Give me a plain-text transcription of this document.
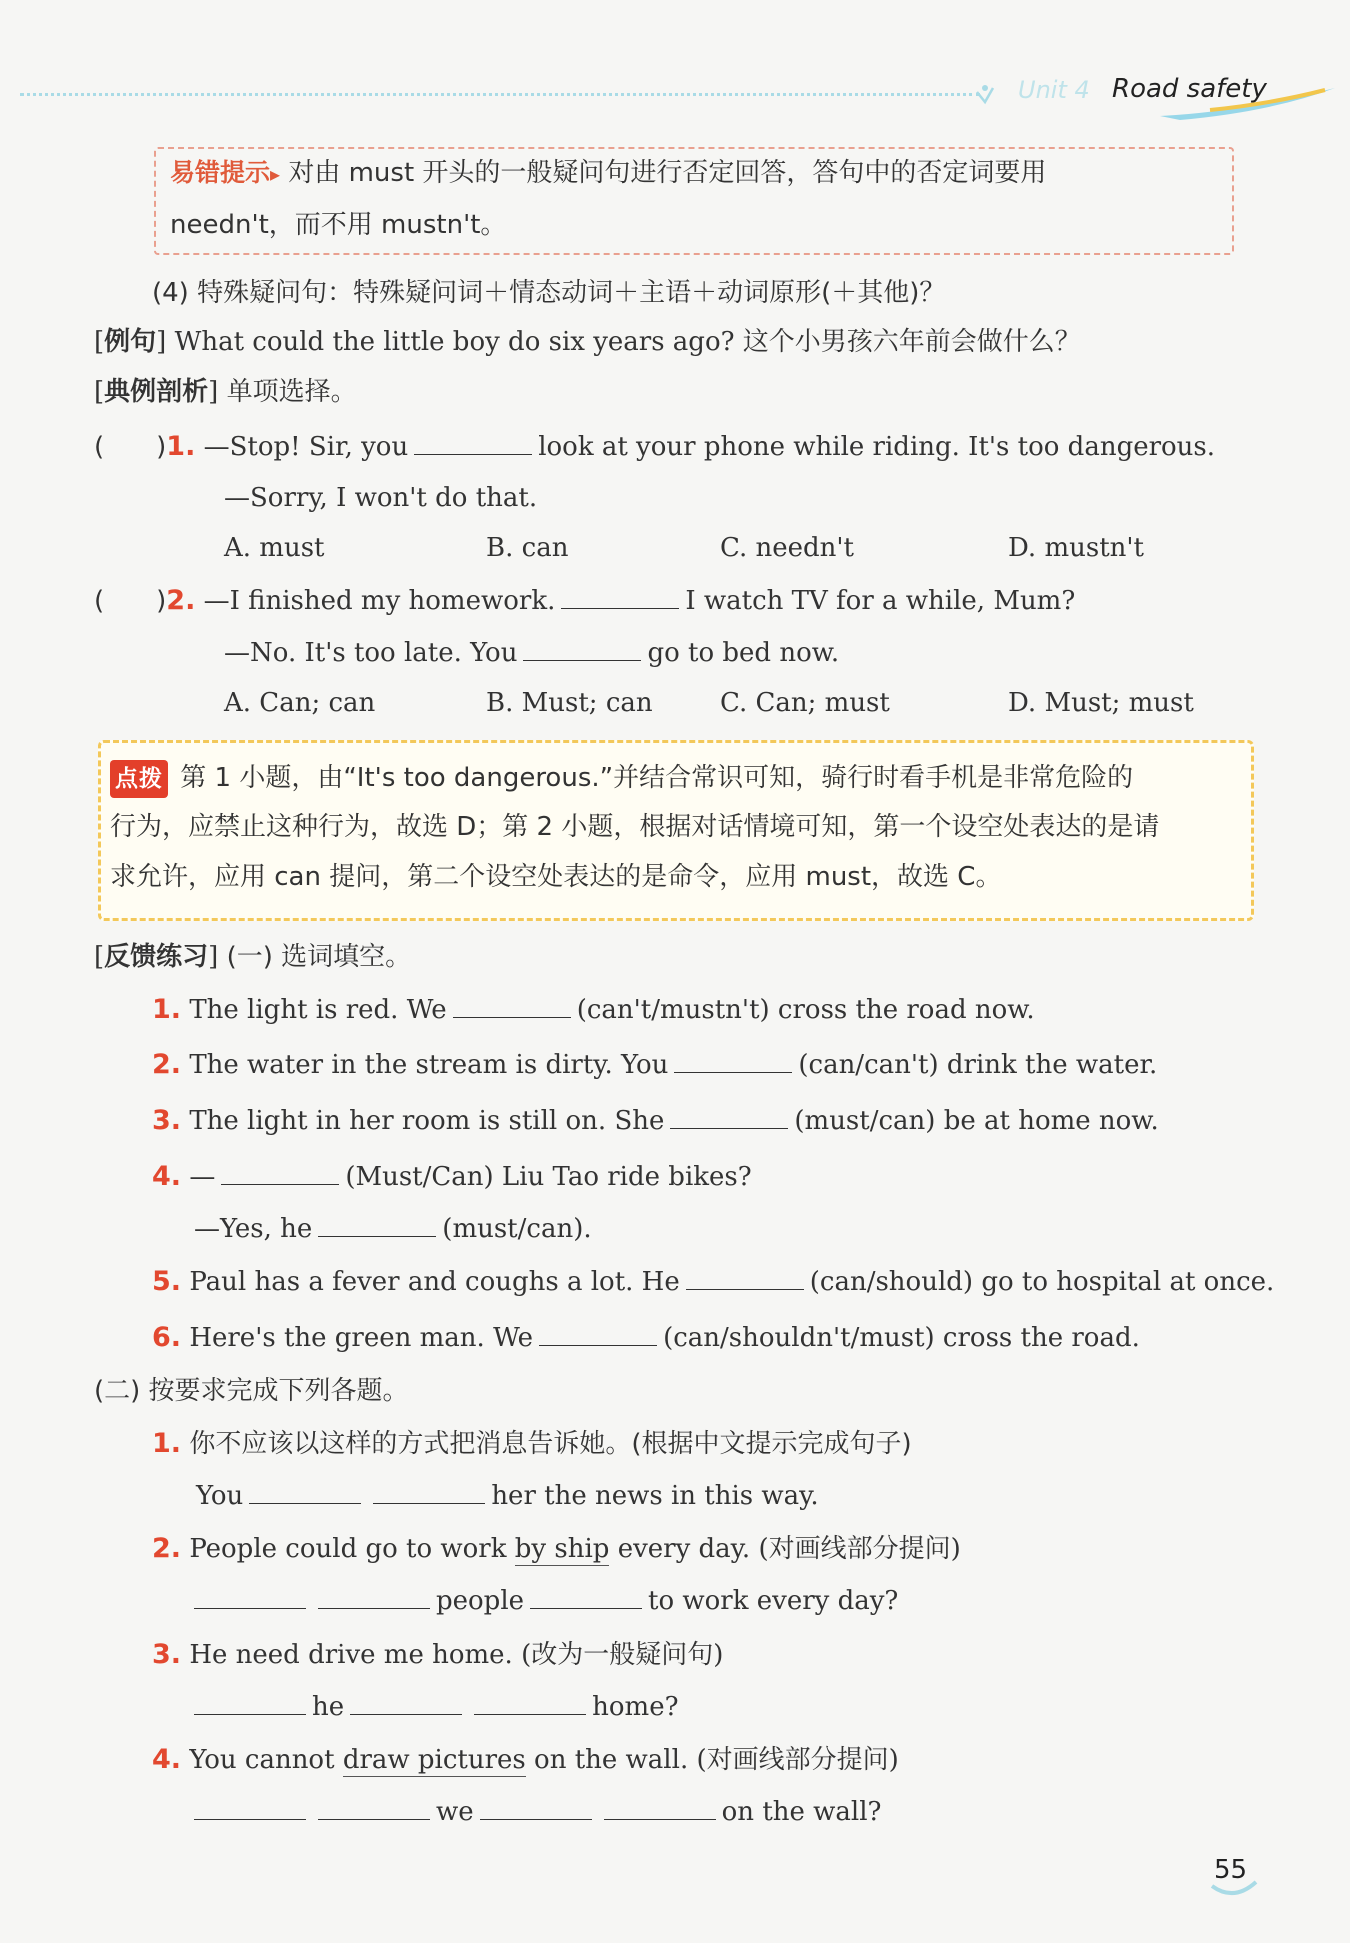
Unit 4 Road safety
易错提示▸ 对由 must 开头的一般疑问句进行否定回答，答句中的否定词要用
needn't，而不用 mustn't。
(4) 特殊疑问句：特殊疑问词＋情态动词＋主语＋动词原形(＋其他)？
[例句] What could the little boy do six years ago? 这个小男孩六年前会做什么？
[典例剖析] 单项选择。
(　　)1. —Stop! Sir, you	look at your phone while riding. It's too dangerous.
—Sorry, I won't do that.
A. must	B. can	C. needn't	D. mustn't
(　　)2. —I finished my homework.	I watch TV for a while, Mum?
—No. It's too late. You	go to bed now.
A. Can; can	B. Must; can	C. Can; must	D. Must; must
点拨 第 1 小题，由“It's too dangerous.”并结合常识可知，骑行时看手机是非常危险的
行为，应禁止这种行为，故选 D；第 2 小题，根据对话情境可知，第一个设空处表达的是请
求允许，应用 can 提问，第二个设空处表达的是命令，应用 must，故选 C。
[反馈练习] (一) 选词填空。
1. The light is red. We	(can't/mustn't) cross the road now.
2. The water in the stream is dirty. You	(can/can't) drink the water.
3. The light in her room is still on. She	(must/can) be at home now.
4. —	(Must/Can) Liu Tao ride bikes?
—Yes, he	(must/can).
5. Paul has a fever and coughs a lot. He	(can/should) go to hospital at once.
6. Here's the green man. We	(can/shouldn't/must) cross the road.
(二) 按要求完成下列各题。
1. 你不应该以这样的方式把消息告诉她。(根据中文提示完成句子)
You	her the news in this way.
2. People could go to work by ship every day. (对画线部分提问)
people	to work every day?
3. He need drive me home. (改为一般疑问句)
he	home?
4. You cannot draw pictures on the wall. (对画线部分提问)
we	on the wall?
55
